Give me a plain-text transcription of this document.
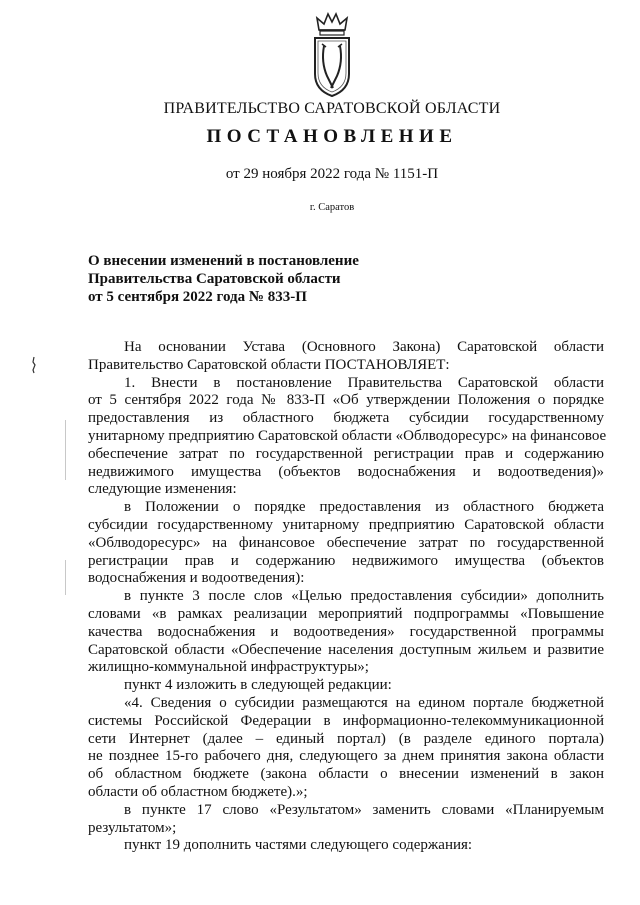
ПРАВИТЕЛЬСТВО САРАТОВСКОЙ ОБЛАСТИ
ПОСТАНОВЛЕНИЕ
от 29 ноября 2022 года № 1151-П
г. Саратов
О внесении изменений в постановление
Правительства Саратовской области
от 5 сентября 2022 года № 833-П
На основании Устава (Основного Закона) Саратовской области
Правительство Саратовской области ПОСТАНОВЛЯЕТ:
1. Внести в постановление Правительства Саратовской области
от 5 сентября 2022 года № 833-П «Об утверждении Положения о порядке
предоставления из областного бюджета субсидии государственному
унитарному предприятию Саратовской области «Облводоресурс» на финансовое
обеспечение затрат по государственной регистрации прав и содержанию
недвижимого имущества (объектов водоснабжения и водоотведения)»
следующие изменения:
в Положении о порядке предоставления из областного бюджета
субсидии государственному унитарному предприятию Саратовской области
«Облводоресурс» на финансовое обеспечение затрат по государственной
регистрации прав и содержанию недвижимого имущества (объектов
водоснабжения и водоотведения):
в пункте 3 после слов «Целью предоставления субсидии» дополнить
словами «в рамках реализации мероприятий подпрограммы «Повышение
качества водоснабжения и водоотведения» государственной программы
Саратовской области «Обеспечение населения доступным жильем и развитие
жилищно-коммунальной инфраструктуры»;
пункт 4 изложить в следующей редакции:
«4. Сведения о субсидии размещаются на едином портале бюджетной
системы Российской Федерации в информационно-телекоммуникационной
сети Интернет (далее – единый портал) (в разделе единого портала)
не позднее 15-го рабочего дня, следующего за днем принятия закона области
об областном бюджете (закона области о внесении изменений в закон
области об областном бюджете).»;
в пункте 17 слово «Результатом» заменить словами «Планируемым
результатом»;
пункт 19 дополнить частями следующего содержания:
